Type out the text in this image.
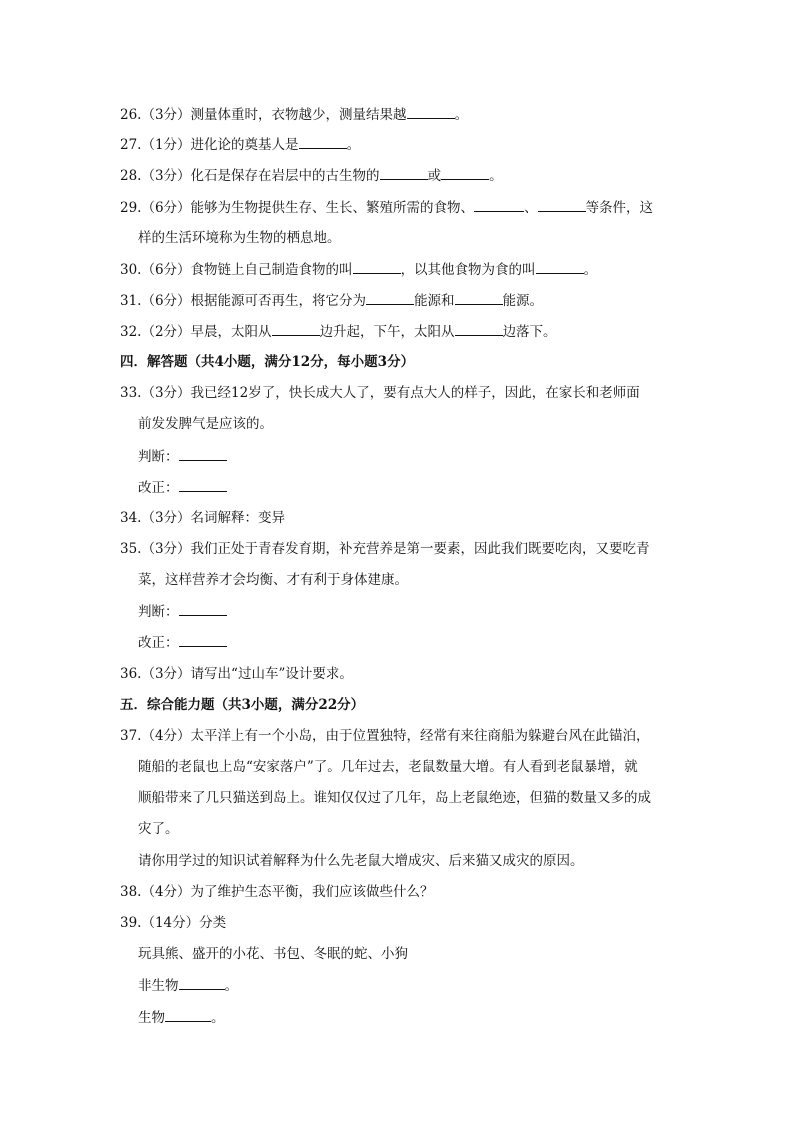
26.（3分）测量体重时，衣物越少，测量结果越	。
27.（1分）进化论的奠基人是	。
28.（3分）化石是保存在岩层中的古生物的	或	。
29.（6分）能够为生物提供生存、生长、繁殖所需的食物、	、	等条件，这
样的生活环境称为生物的栖息地。
30.（6分）食物链上自己制造食物的叫	，以其他食物为食的叫	。
31.（6分）根据能源可否再生，将它分为	能源和	能源。
32.（2分）早晨，太阳从	边升起，下午，太阳从	边落下。
四．解答题（共4小题，满分12分，每小题3分）
33.（3分）我已经12岁了，快长成大人了，要有点大人的样子，因此，在家长和老师面
前发发脾气是应该的。
判断：
改正：
34.（3分）名词解释：变异
35.（3分）我们正处于青春发育期，补充营养是第一要素，因此我们既要吃肉，又要吃青
菜，这样营养才会均衡、才有利于身体建康。
判断：
改正：
36.（3分）请写出“过山车”设计要求。
五．综合能力题（共3小题，满分22分）
37.（4分）太平洋上有一个小岛，由于位置独特，经常有来往商船为躲避台风在此锚泊，
随船的老鼠也上岛“安家落户”了。几年过去，老鼠数量大增。有人看到老鼠暴增，就
顺船带来了几只猫送到岛上。谁知仅仅过了几年，岛上老鼠绝迹，但猫的数量又多的成
灾了。
请你用学过的知识试着解释为什么先老鼠大增成灾、后来猫又成灾的原因。
38.（4分）为了维护生态平衡，我们应该做些什么？
39.（14分）分类
玩具熊、盛开的小花、书包、冬眠的蛇、小狗
非生物	。
生物	。
